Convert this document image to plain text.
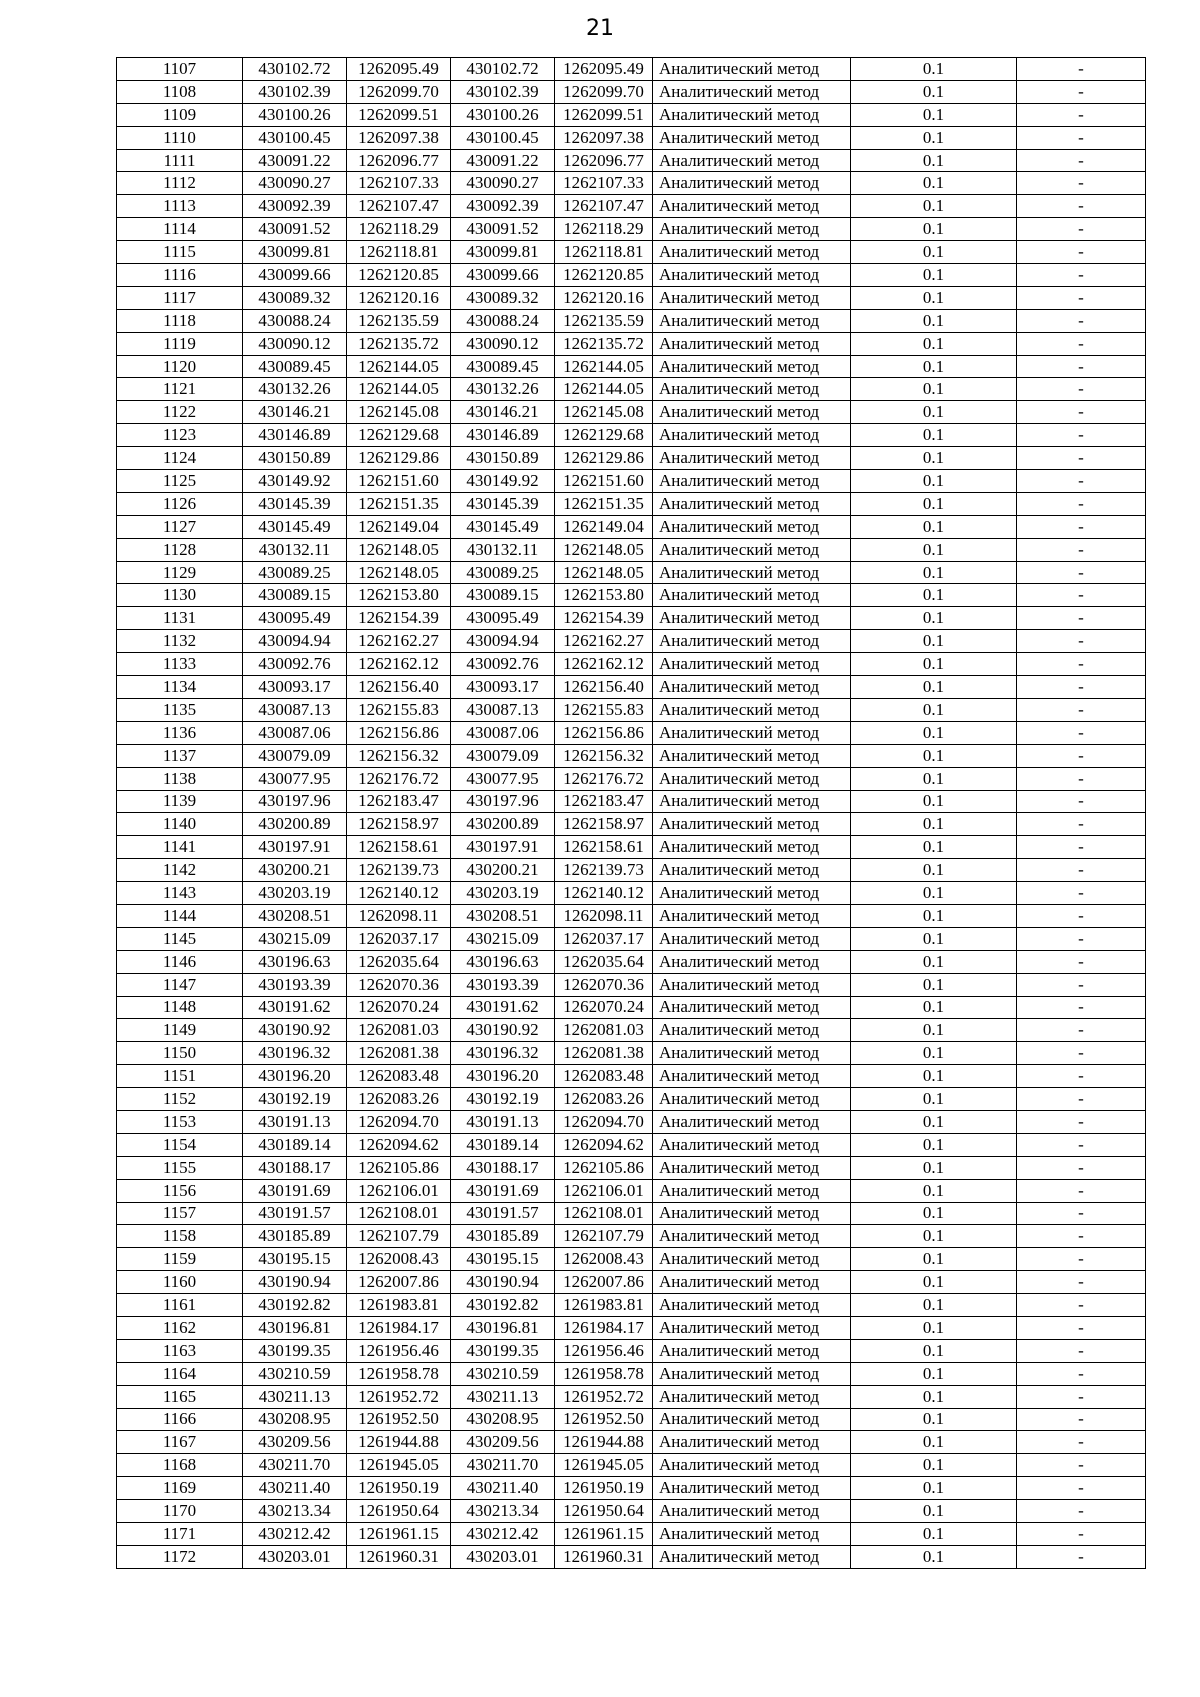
21
1107	430102.72	1262095.49	430102.72	1262095.49	Аналитический метод	0.1	-
1108	430102.39	1262099.70	430102.39	1262099.70	Аналитический метод	0.1	-
1109	430100.26	1262099.51	430100.26	1262099.51	Аналитический метод	0.1	-
1110	430100.45	1262097.38	430100.45	1262097.38	Аналитический метод	0.1	-
1111	430091.22	1262096.77	430091.22	1262096.77	Аналитический метод	0.1	-
1112	430090.27	1262107.33	430090.27	1262107.33	Аналитический метод	0.1	-
1113	430092.39	1262107.47	430092.39	1262107.47	Аналитический метод	0.1	-
1114	430091.52	1262118.29	430091.52	1262118.29	Аналитический метод	0.1	-
1115	430099.81	1262118.81	430099.81	1262118.81	Аналитический метод	0.1	-
1116	430099.66	1262120.85	430099.66	1262120.85	Аналитический метод	0.1	-
1117	430089.32	1262120.16	430089.32	1262120.16	Аналитический метод	0.1	-
1118	430088.24	1262135.59	430088.24	1262135.59	Аналитический метод	0.1	-
1119	430090.12	1262135.72	430090.12	1262135.72	Аналитический метод	0.1	-
1120	430089.45	1262144.05	430089.45	1262144.05	Аналитический метод	0.1	-
1121	430132.26	1262144.05	430132.26	1262144.05	Аналитический метод	0.1	-
1122	430146.21	1262145.08	430146.21	1262145.08	Аналитический метод	0.1	-
1123	430146.89	1262129.68	430146.89	1262129.68	Аналитический метод	0.1	-
1124	430150.89	1262129.86	430150.89	1262129.86	Аналитический метод	0.1	-
1125	430149.92	1262151.60	430149.92	1262151.60	Аналитический метод	0.1	-
1126	430145.39	1262151.35	430145.39	1262151.35	Аналитический метод	0.1	-
1127	430145.49	1262149.04	430145.49	1262149.04	Аналитический метод	0.1	-
1128	430132.11	1262148.05	430132.11	1262148.05	Аналитический метод	0.1	-
1129	430089.25	1262148.05	430089.25	1262148.05	Аналитический метод	0.1	-
1130	430089.15	1262153.80	430089.15	1262153.80	Аналитический метод	0.1	-
1131	430095.49	1262154.39	430095.49	1262154.39	Аналитический метод	0.1	-
1132	430094.94	1262162.27	430094.94	1262162.27	Аналитический метод	0.1	-
1133	430092.76	1262162.12	430092.76	1262162.12	Аналитический метод	0.1	-
1134	430093.17	1262156.40	430093.17	1262156.40	Аналитический метод	0.1	-
1135	430087.13	1262155.83	430087.13	1262155.83	Аналитический метод	0.1	-
1136	430087.06	1262156.86	430087.06	1262156.86	Аналитический метод	0.1	-
1137	430079.09	1262156.32	430079.09	1262156.32	Аналитический метод	0.1	-
1138	430077.95	1262176.72	430077.95	1262176.72	Аналитический метод	0.1	-
1139	430197.96	1262183.47	430197.96	1262183.47	Аналитический метод	0.1	-
1140	430200.89	1262158.97	430200.89	1262158.97	Аналитический метод	0.1	-
1141	430197.91	1262158.61	430197.91	1262158.61	Аналитический метод	0.1	-
1142	430200.21	1262139.73	430200.21	1262139.73	Аналитический метод	0.1	-
1143	430203.19	1262140.12	430203.19	1262140.12	Аналитический метод	0.1	-
1144	430208.51	1262098.11	430208.51	1262098.11	Аналитический метод	0.1	-
1145	430215.09	1262037.17	430215.09	1262037.17	Аналитический метод	0.1	-
1146	430196.63	1262035.64	430196.63	1262035.64	Аналитический метод	0.1	-
1147	430193.39	1262070.36	430193.39	1262070.36	Аналитический метод	0.1	-
1148	430191.62	1262070.24	430191.62	1262070.24	Аналитический метод	0.1	-
1149	430190.92	1262081.03	430190.92	1262081.03	Аналитический метод	0.1	-
1150	430196.32	1262081.38	430196.32	1262081.38	Аналитический метод	0.1	-
1151	430196.20	1262083.48	430196.20	1262083.48	Аналитический метод	0.1	-
1152	430192.19	1262083.26	430192.19	1262083.26	Аналитический метод	0.1	-
1153	430191.13	1262094.70	430191.13	1262094.70	Аналитический метод	0.1	-
1154	430189.14	1262094.62	430189.14	1262094.62	Аналитический метод	0.1	-
1155	430188.17	1262105.86	430188.17	1262105.86	Аналитический метод	0.1	-
1156	430191.69	1262106.01	430191.69	1262106.01	Аналитический метод	0.1	-
1157	430191.57	1262108.01	430191.57	1262108.01	Аналитический метод	0.1	-
1158	430185.89	1262107.79	430185.89	1262107.79	Аналитический метод	0.1	-
1159	430195.15	1262008.43	430195.15	1262008.43	Аналитический метод	0.1	-
1160	430190.94	1262007.86	430190.94	1262007.86	Аналитический метод	0.1	-
1161	430192.82	1261983.81	430192.82	1261983.81	Аналитический метод	0.1	-
1162	430196.81	1261984.17	430196.81	1261984.17	Аналитический метод	0.1	-
1163	430199.35	1261956.46	430199.35	1261956.46	Аналитический метод	0.1	-
1164	430210.59	1261958.78	430210.59	1261958.78	Аналитический метод	0.1	-
1165	430211.13	1261952.72	430211.13	1261952.72	Аналитический метод	0.1	-
1166	430208.95	1261952.50	430208.95	1261952.50	Аналитический метод	0.1	-
1167	430209.56	1261944.88	430209.56	1261944.88	Аналитический метод	0.1	-
1168	430211.70	1261945.05	430211.70	1261945.05	Аналитический метод	0.1	-
1169	430211.40	1261950.19	430211.40	1261950.19	Аналитический метод	0.1	-
1170	430213.34	1261950.64	430213.34	1261950.64	Аналитический метод	0.1	-
1171	430212.42	1261961.15	430212.42	1261961.15	Аналитический метод	0.1	-
1172	430203.01	1261960.31	430203.01	1261960.31	Аналитический метод	0.1	-
